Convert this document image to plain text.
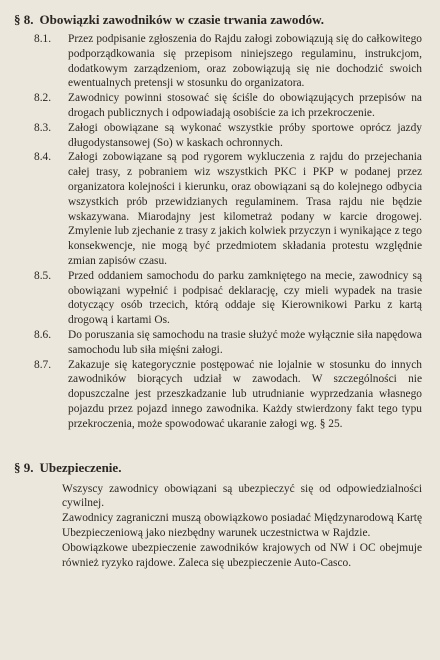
§ 8. Obowiązki zawodników w czasie trwania zawodów.
8.1.	Przez podpisanie zgłoszenia do Rajdu załogi zobowiązują się do całkowitego podporządkowania się przepisom niniejszego regulaminu, instrukcjom, dodatkowym zarządzeniom, oraz zobowiązują się nie dochodzić swoich ewentualnych pretensji w stosunku do organizatora.
8.2.	Zawodnicy powinni stosować się ściśle do obowiązujących przepisów na drogach publicznych i odpowiadają osobiście za ich przekroczenie.
8.3.	Załogi obowiązane są wykonać wszystkie próby sportowe oprócz jazdy długodystansowej (So) w kaskach ochronnych.
8.4.	Załogi zobowiązane są pod rygorem wykluczenia z rajdu do przejechania całej trasy, z pobraniem wiz wszystkich PKC i PKP w podanej przez organizatora kolejności i kierunku, oraz obowiązani są do kolejnego odbycia wszystkich prób przewidzianych regulaminem. Trasa rajdu nie będzie wskazywana. Miarodajny jest kilometraż podany w karcie drogowej. Zmylenie lub zjechanie z trasy z jakich kolwiek przyczyn i wynikające z tego konsekwencje, nie mogą być przedmiotem składania protestu względnie zmian zapisów czasu.
8.5.	Przed oddaniem samochodu do parku zamkniętego na mecie, zawodnicy są obowiązani wypełnić i podpisać deklarację, czy mieli wypadek na trasie dotyczący osób trzecich, którą oddaje się Kierownikowi Parku z kartą drogową i kartami Os.
8.6.	Do poruszania się samochodu na trasie służyć może wyłącznie siła napędowa samochodu lub siła mięśni załogi.
8.7.	Zakazuje się kategorycznie postępować nie lojalnie w stosunku do innych zawodników biorących udział w zawodach. W szczególności nie dopuszczalne jest przeszkadzanie lub utrudnianie wyprzedzania własnego pojazdu przez pojazd innego zawodnika. Każdy stwierdzony fakt tego typu przekroczenia, może spowodować ukaranie załogi wg. § 25.
§ 9. Ubezpieczenie.
Wszyscy zawodnicy obowiązani są ubezpieczyć się od odpowiedzialności cywilnej.
Zawodnicy zagraniczni muszą obowiązkowo posiadać Międzynarodową Kartę Ubezpieczeniową jako niezbędny warunek uczestnictwa w Rajdzie.
Obowiązkowe ubezpieczenie zawodników krajowych od NW i OC obejmuje również ryzyko rajdowe. Zaleca się ubezpieczenie Auto-Casco.
